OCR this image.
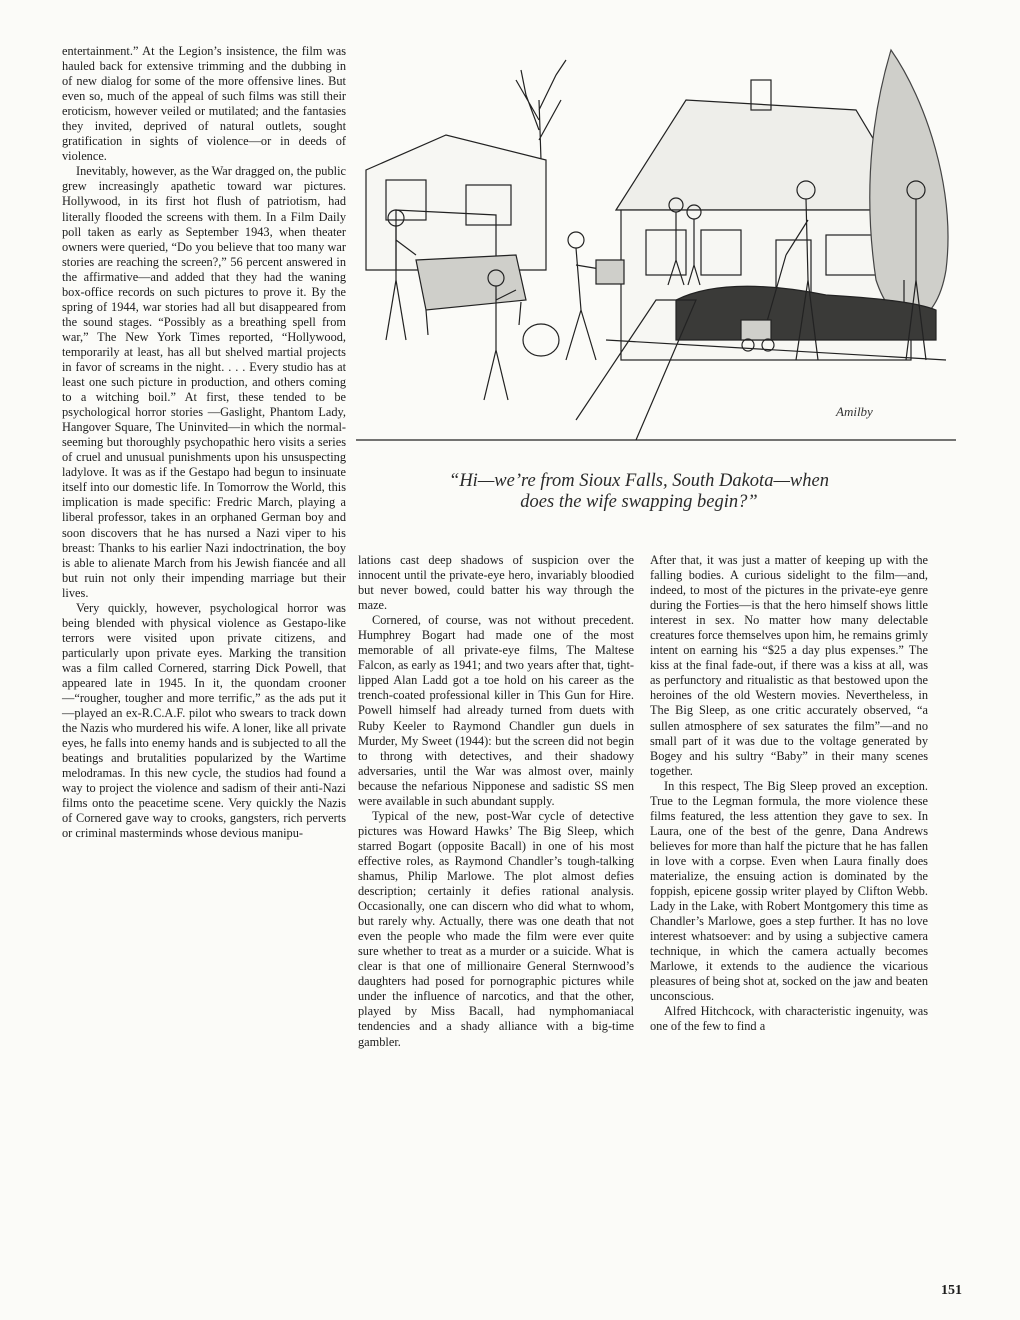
entertainment.” At the Legion’s insistence, the film was hauled back for extensive trimming and the dubbing in of new dialog for some of the more offensive lines. But even so, much of the appeal of such films was still their eroticism, however veiled or mutilated; and the fantasies they invited, deprived of natural outlets, sought gratification in sights of violence—or in deeds of violence.

Inevitably, however, as the War dragged on, the public grew increasingly apathetic toward war pictures. Hollywood, in its first hot flush of patriotism, had literally flooded the screens with them. In a Film Daily poll taken as early as September 1943, when theater owners were queried, “Do you believe that too many war stories are reaching the screen?,” 56 percent answered in the affirmative—and added that they had the waning box-office records on such pictures to prove it. By the spring of 1944, war stories had all but disappeared from the sound stages. “Possibly as a breathing spell from war,” The New York Times reported, “Hollywood, temporarily at least, has all but shelved martial projects in favor of screams in the night. . . . Every studio has at least one such picture in production, and others coming to a witching boil.” At first, these tended to be psychological horror stories —Gaslight, Phantom Lady, Hangover Square, The Uninvited—in which the normal-seeming but thoroughly psychopathic hero visits a series of cruel and unusual punishments upon his unsuspecting ladylove. It was as if the Gestapo had begun to insinuate itself into our domestic life. In Tomorrow the World, this implication is made specific: Fredric March, playing a liberal professor, takes in an orphaned German boy and soon discovers that he has nursed a Nazi viper to his breast: Thanks to his earlier Nazi indoctrination, the boy is able to alienate March from his Jewish fiancée and all but ruin not only their impending marriage but their lives.

Very quickly, however, psychological horror was being blended with physical violence as Gestapo-like terrors were visited upon private citizens, and particularly upon private eyes. Marking the transition was a film called Cornered, starring Dick Powell, that appeared late in 1945. In it, the quondam crooner—“rougher, tougher and more terrific,” as the ads put it—played an ex-R.C.A.F. pilot who swears to track down the Nazis who murdered his wife. A loner, like all private eyes, he falls into enemy hands and is subjected to all the beatings and brutalities popularized by the Wartime melodramas. In this new cycle, the studios had found a way to project the violence and sadism of their anti-Nazi films onto the peacetime scene. Very quickly the Nazis of Cornered gave way to crooks, gangsters, rich perverts or criminal masterminds whose devious manipu-

Amilby
“Hi—we’re from Sioux Falls, South Dakota—when
does the wife swapping begin?”

lations cast deep shadows of suspicion over the innocent until the private-eye hero, invariably bloodied but never bowed, could batter his way through the maze.

Cornered, of course, was not without precedent. Humphrey Bogart had made one of the most memorable of all private-eye films, The Maltese Falcon, as early as 1941; and two years after that, tight-lipped Alan Ladd got a toe hold on his career as the trench-coated professional killer in This Gun for Hire. Powell himself had already turned from duets with Ruby Keeler to Raymond Chandler gun duels in Murder, My Sweet (1944): but the screen did not begin to throng with detectives, and their shadowy adversaries, until the War was almost over, mainly because the nefarious Nipponese and sadistic SS men were available in such abundant supply.

Typical of the new, post-War cycle of detective pictures was Howard Hawks’ The Big Sleep, which starred Bogart (opposite Bacall) in one of his most effective roles, as Raymond Chandler’s tough-talking shamus, Philip Marlowe. The plot almost defies description; certainly it defies rational analysis. Occasionally, one can discern who did what to whom, but rarely why. Actually, there was one death that not even the people who made the film were ever quite sure whether to treat as a murder or a suicide. What is clear is that one of millionaire General Sternwood’s daughters had posed for pornographic pictures while under the influence of narcotics, and that the other, played by Miss Bacall, had nymphomaniacal tendencies and a shady alliance with a big-time gambler.

After that, it was just a matter of keeping up with the falling bodies. A curious sidelight to the film—and, indeed, to most of the pictures in the private-eye genre during the Forties—is that the hero himself shows little interest in sex. No matter how many delectable creatures force themselves upon him, he remains grimly intent on earning his “$25 a day plus expenses.” The kiss at the final fade-out, if there was a kiss at all, was as perfunctory and ritualistic as that bestowed upon the heroines of the old Western movies. Nevertheless, in The Big Sleep, as one critic accurately observed, “a sullen atmosphere of sex saturates the film”—and no small part of it was due to the voltage generated by Bogey and his sultry “Baby” in their many scenes together.

In this respect, The Big Sleep proved an exception. True to the Legman formula, the more violence these films featured, the less attention they gave to sex. In Laura, one of the best of the genre, Dana Andrews believes for more than half the picture that he has fallen in love with a corpse. Even when Laura finally does materialize, the ensuing action is dominated by the foppish, epicene gossip writer played by Clifton Webb. Lady in the Lake, with Robert Montgomery this time as Chandler’s Marlowe, goes a step further. It has no love interest whatsoever: and by using a subjective camera technique, in which the camera actually becomes Marlowe, it extends to the audience the vicarious pleasures of being shot at, socked on the jaw and beaten unconscious.

Alfred Hitchcock, with characteristic ingenuity, was one of the few to find a

151
